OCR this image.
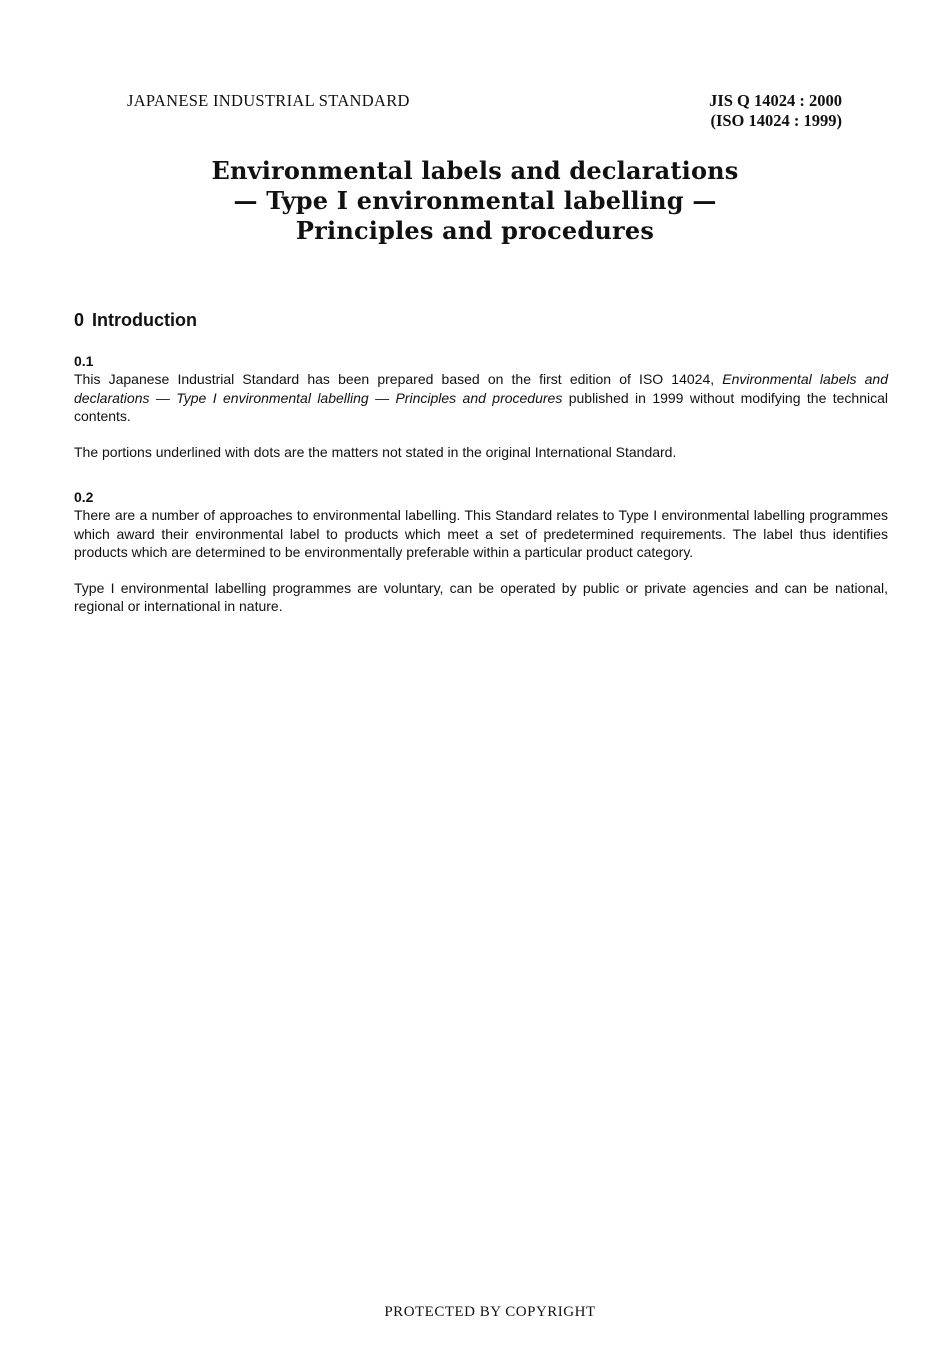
JAPANESE INDUSTRIAL STANDARD	JIS Q 14024 : 2000
(ISO 14024 : 1999)
Environmental labels and declarations
— Type I environmental labelling —
Principles and procedures
0 Introduction
0.1

This Japanese Industrial Standard has been prepared based on the first edition of ISO 14024, Environmental labels and declarations — Type I environmental labelling — Principles and procedures published in 1999 without modifying the technical contents.

The portions underlined with dots are the matters not stated in the original International Standard.

0.2

There are a number of approaches to environmental labelling. This Standard relates to Type I environmental labelling programmes which award their environmental label to products which meet a set of predetermined requirements. The label thus identifies products which are determined to be environmentally preferable within a particular product category.

Type I environmental labelling programmes are voluntary, can be operated by public or private agencies and can be national, regional or international in nature.

PROTECTED BY COPYRIGHT
